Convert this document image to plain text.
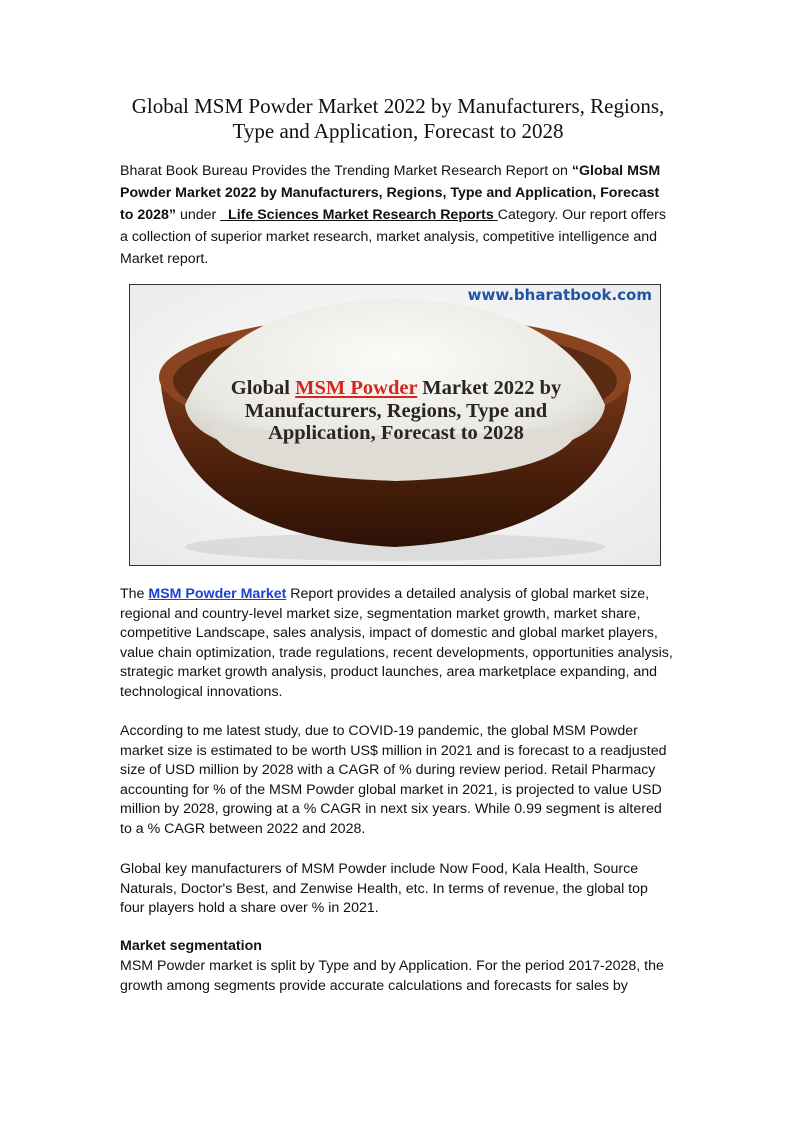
Global MSM Powder Market 2022 by Manufacturers, Regions,
Type and Application, Forecast to 2028

Bharat Book Bureau Provides the Trending Market Research Report on “Global MSM Powder Market 2022 by Manufacturers, Regions, Type and Application, Forecast to 2028” under   Life Sciences Market Research Reports Category. Our report offers a collection of superior market research, market analysis, competitive intelligence and Market report.

www.bharatbook.com
Global MSM Powder Market 2022 by
Manufacturers, Regions, Type and
Application, Forecast to 2028

The MSM Powder Market Report provides a detailed analysis of global market size, regional and country-level market size, segmentation market growth, market share, competitive Landscape, sales analysis, impact of domestic and global market players, value chain optimization, trade regulations, recent developments, opportunities analysis, strategic market growth analysis, product launches, area marketplace expanding, and technological innovations.

According to me latest study, due to COVID-19 pandemic, the global MSM Powder market size is estimated to be worth US$ million in 2021 and is forecast to a readjusted size of USD million by 2028 with a CAGR of % during review period. Retail Pharmacy accounting for % of the MSM Powder global market in 2021, is projected to value USD million by 2028, growing at a % CAGR in next six years. While 0.99 segment is altered to a % CAGR between 2022 and 2028.

Global key manufacturers of MSM Powder include Now Food, Kala Health, Source Naturals, Doctor's Best, and Zenwise Health, etc. In terms of revenue, the global top four players hold a share over % in 2021.

Market segmentation

MSM Powder market is split by Type and by Application. For the period 2017-2028, the growth among segments provide accurate calculations and forecasts for sales by
